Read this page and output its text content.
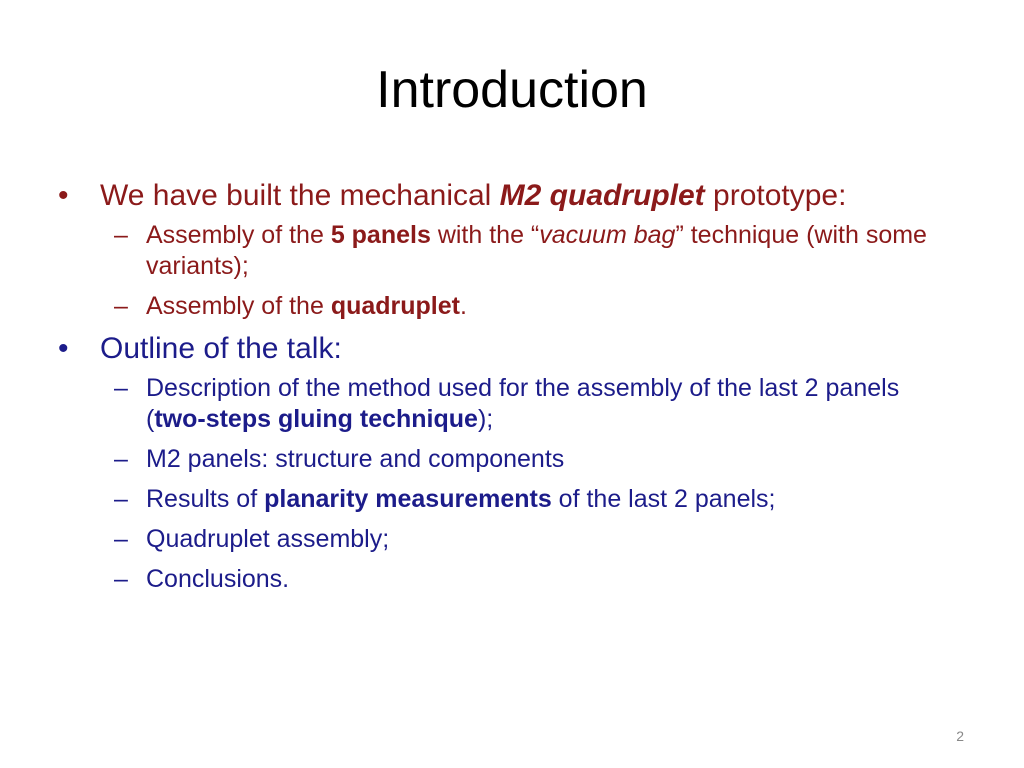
Introduction
•	We have built the mechanical M2 quadruplet prototype:
– Assembly of the 5 panels with the “vacuum bag” technique (with some variants);
– Assembly of the quadruplet.
•	Outline of the talk:
– Description of the method used for the assembly of the last 2 panels (two-steps gluing technique);
– M2 panels: structure and components
– Results of planarity measurements of the last 2 panels;
– Quadruplet assembly;
– Conclusions.
2
